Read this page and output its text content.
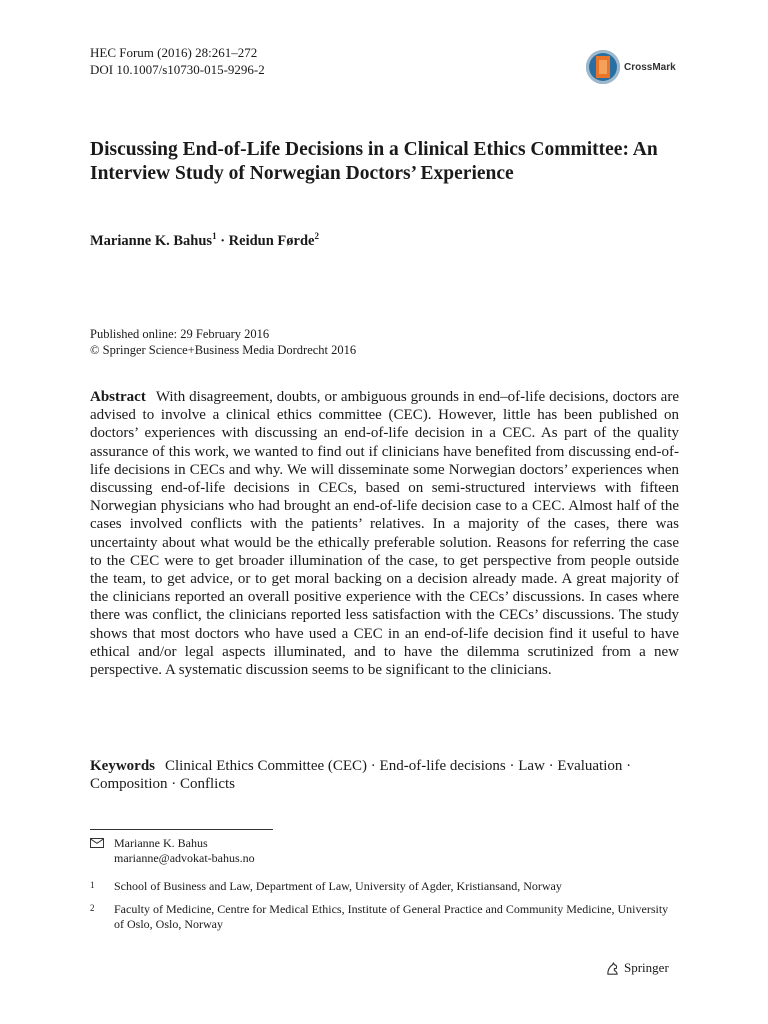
HEC Forum (2016) 28:261–272
DOI 10.1007/s10730-015-9296-2	CrossMark
Discussing End-of-Life Decisions in a Clinical Ethics Committee: An Interview Study of Norwegian Doctors’ Experience
Marianne K. Bahus$^1$ · Reidun Førde$^2$
Published online: 29 February 2016
© Springer Science+Business Media Dordrecht 2016

Abstract With disagreement, doubts, or ambiguous grounds in end–of-life decisions, doctors are advised to involve a clinical ethics committee (CEC). However, little has been published on doctors’ experiences with discussing an end-of-life decision in a CEC. As part of the quality assurance of this work, we wanted to find out if clinicians have benefited from discussing end-of-life decisions in CECs and why. We will disseminate some Norwegian doctors’ experiences when discussing end-of-life decisions in CECs, based on semi-structured interviews with fifteen Norwegian physicians who had brought an end-of-life decision case to a CEC. Almost half of the cases involved conflicts with the patients’ relatives. In a majority of the cases, there was uncertainty about what would be the ethically preferable solution. Reasons for referring the case to the CEC were to get broader illumination of the case, to get perspective from people outside the team, to get advice, or to get moral backing on a decision already made. A great majority of the clinicians reported an overall positive experience with the CECs’ discussions. In cases where there was conflict, the clinicians reported less satisfaction with the CECs’ discussions. The study shows that most doctors who have used a CEC in an end-of-life decision find it useful to have ethical and/or legal aspects illuminated, and to have the dilemma scrutinized from a new perspective. A systematic discussion seems to be significant to the clinicians.

Keywords Clinical Ethics Committee (CEC) · End-of-life decisions · Law · Evaluation · Composition · Conflicts

Marianne K. Bahus
marianne@advokat-bahus.no
1	School of Business and Law, Department of Law, University of Agder, Kristiansand, Norway
2	Faculty of Medicine, Centre for Medical Ethics, Institute of General Practice and Community Medicine, University of Oslo, Oslo, Norway
Springer
